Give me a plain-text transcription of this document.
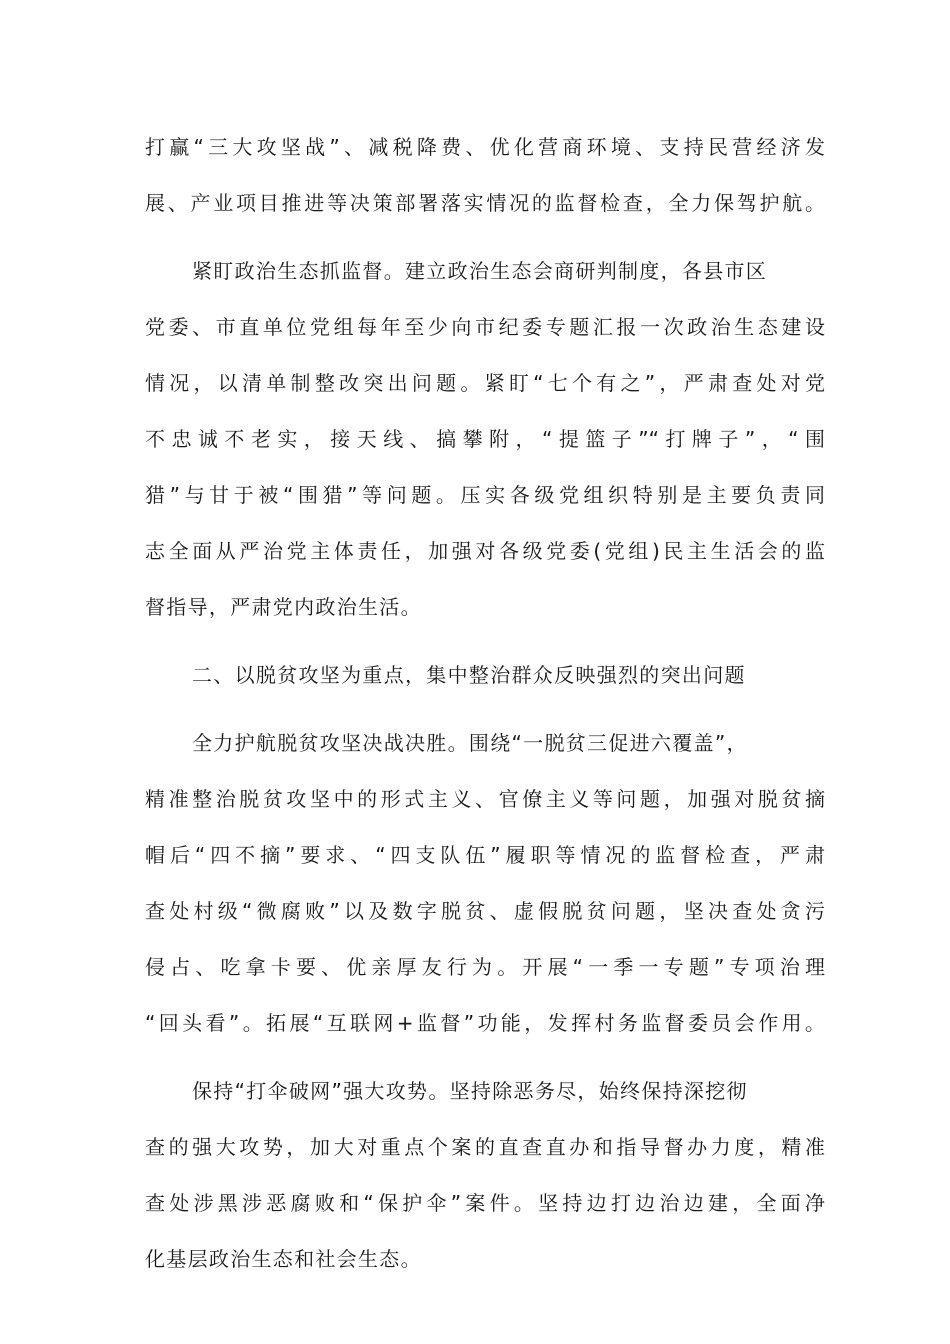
打赢“三大攻坚战”、减税降费、优化营商环境、支持民营经济发

展、产业项目推进等决策部署落实情况的监督检查，全力保驾护航。

紧盯政治生态抓监督。建立政治生态会商研判制度，各县市区

党委、市直单位党组每年至少向市纪委专题汇报一次政治生态建设

情况，以清单制整改突出问题。紧盯“七个有之”，严肃查处对党

不忠诚不老实，接天线、搞攀附，“提篮子”“打牌子”，“围

猎”与甘于被“围猎”等问题。压实各级党组织特别是主要负责同

志全面从严治党主体责任，加强对各级党委(党组)民主生活会的监

督指导，严肃党内政治生活。

二、以脱贫攻坚为重点，集中整治群众反映强烈的突出问题

全力护航脱贫攻坚决战决胜。围绕“一脱贫三促进六覆盖”，

精准整治脱贫攻坚中的形式主义、官僚主义等问题，加强对脱贫摘

帽后“四不摘”要求、“四支队伍”履职等情况的监督检查，严肃

查处村级“微腐败”以及数字脱贫、虚假脱贫问题，坚决查处贪污

侵占、吃拿卡要、优亲厚友行为。开展“一季一专题”专项治理

“回头看”。拓展“互联网+监督”功能，发挥村务监督委员会作用。

保持“打伞破网”强大攻势。坚持除恶务尽，始终保持深挖彻

查的强大攻势，加大对重点个案的直查直办和指导督办力度，精准

查处涉黑涉恶腐败和“保护伞”案件。坚持边打边治边建，全面净

化基层政治生态和社会生态。
